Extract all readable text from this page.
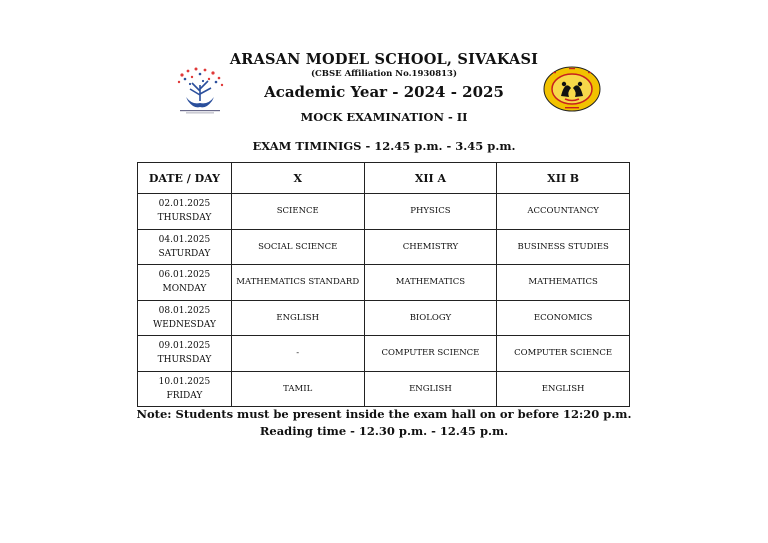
ARASAN MODEL SCHOOL, SIVAKASI
(CBSE Affiliation No.1930813)
Academic Year - 2024 - 2025
MOCK EXAMINATION - II
EXAM TIMINIGS - 12.45 p.m. - 3.45 p.m.
DATE / DAY	X	XII A	XII B
02.01.2025
THURSDAY	SCIENCE	PHYSICS	ACCOUNTANCY
04.01.2025
SATURDAY	SOCIAL SCIENCE	CHEMISTRY	BUSINESS STUDIES
06.01.2025
MONDAY	MATHEMATICS STANDARD	MATHEMATICS	MATHEMATICS
08.01.2025
WEDNESDAY	ENGLISH	BIOLOGY	ECONOMICS
09.01.2025
THURSDAY	-	COMPUTER SCIENCE	COMPUTER SCIENCE
10.01.2025
FRIDAY	TAMIL	ENGLISH	ENGLISH
Note: Students must be present inside the exam hall on or before 12:20 p.m.
Reading time - 12.30 p.m. - 12.45 p.m.
